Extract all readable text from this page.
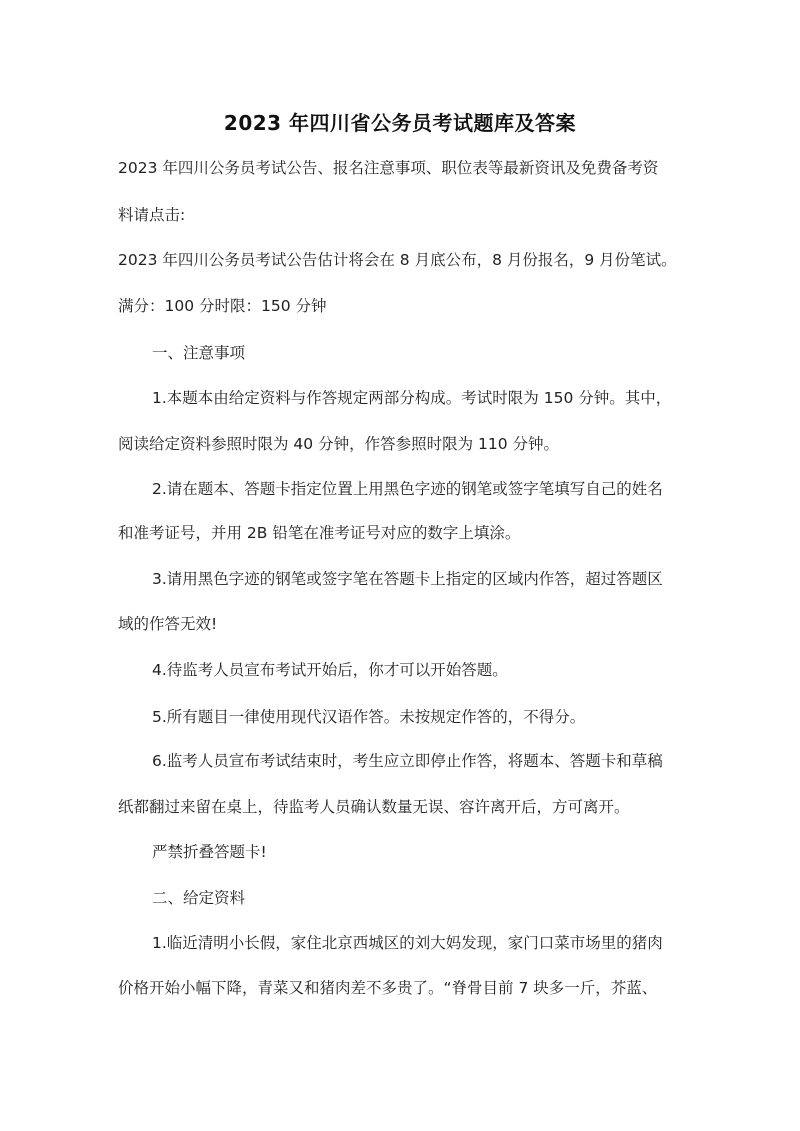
2023 年四川省公务员考试题库及答案
2023 年四川公务员考试公告、报名注意事项、职位表等最新资讯及免费备考资
料请点击:
2023 年四川公务员考试公告估计将会在 8 月底公布，8 月份报名，9 月份笔试。
满分：100 分时限：150 分钟
一、注意事项
1.本题本由给定资料与作答规定两部分构成。考试时限为 150 分钟。其中，
阅读给定资料参照时限为 40 分钟，作答参照时限为 110 分钟。
2.请在题本、答题卡指定位置上用黑色字迹的钢笔或签字笔填写自己的姓名
和准考证号，并用 2B 铅笔在准考证号对应的数字上填涂。
3.请用黑色字迹的钢笔或签字笔在答题卡上指定的区域内作答，超过答题区
域的作答无效!
4.待监考人员宣布考试开始后，你才可以开始答题。
5.所有题目一律使用现代汉语作答。未按规定作答的，不得分。
6.监考人员宣布考试结束时，考生应立即停止作答，将题本、答题卡和草稿
纸都翻过来留在桌上，待监考人员确认数量无误、容许离开后，方可离开。
严禁折叠答题卡!
二、给定资料
1.临近清明小长假，家住北京西城区的刘大妈发现，家门口菜市场里的猪肉
价格开始小幅下降，青菜又和猪肉差不多贵了。“脊骨目前 7 块多一斤，芥蓝、
